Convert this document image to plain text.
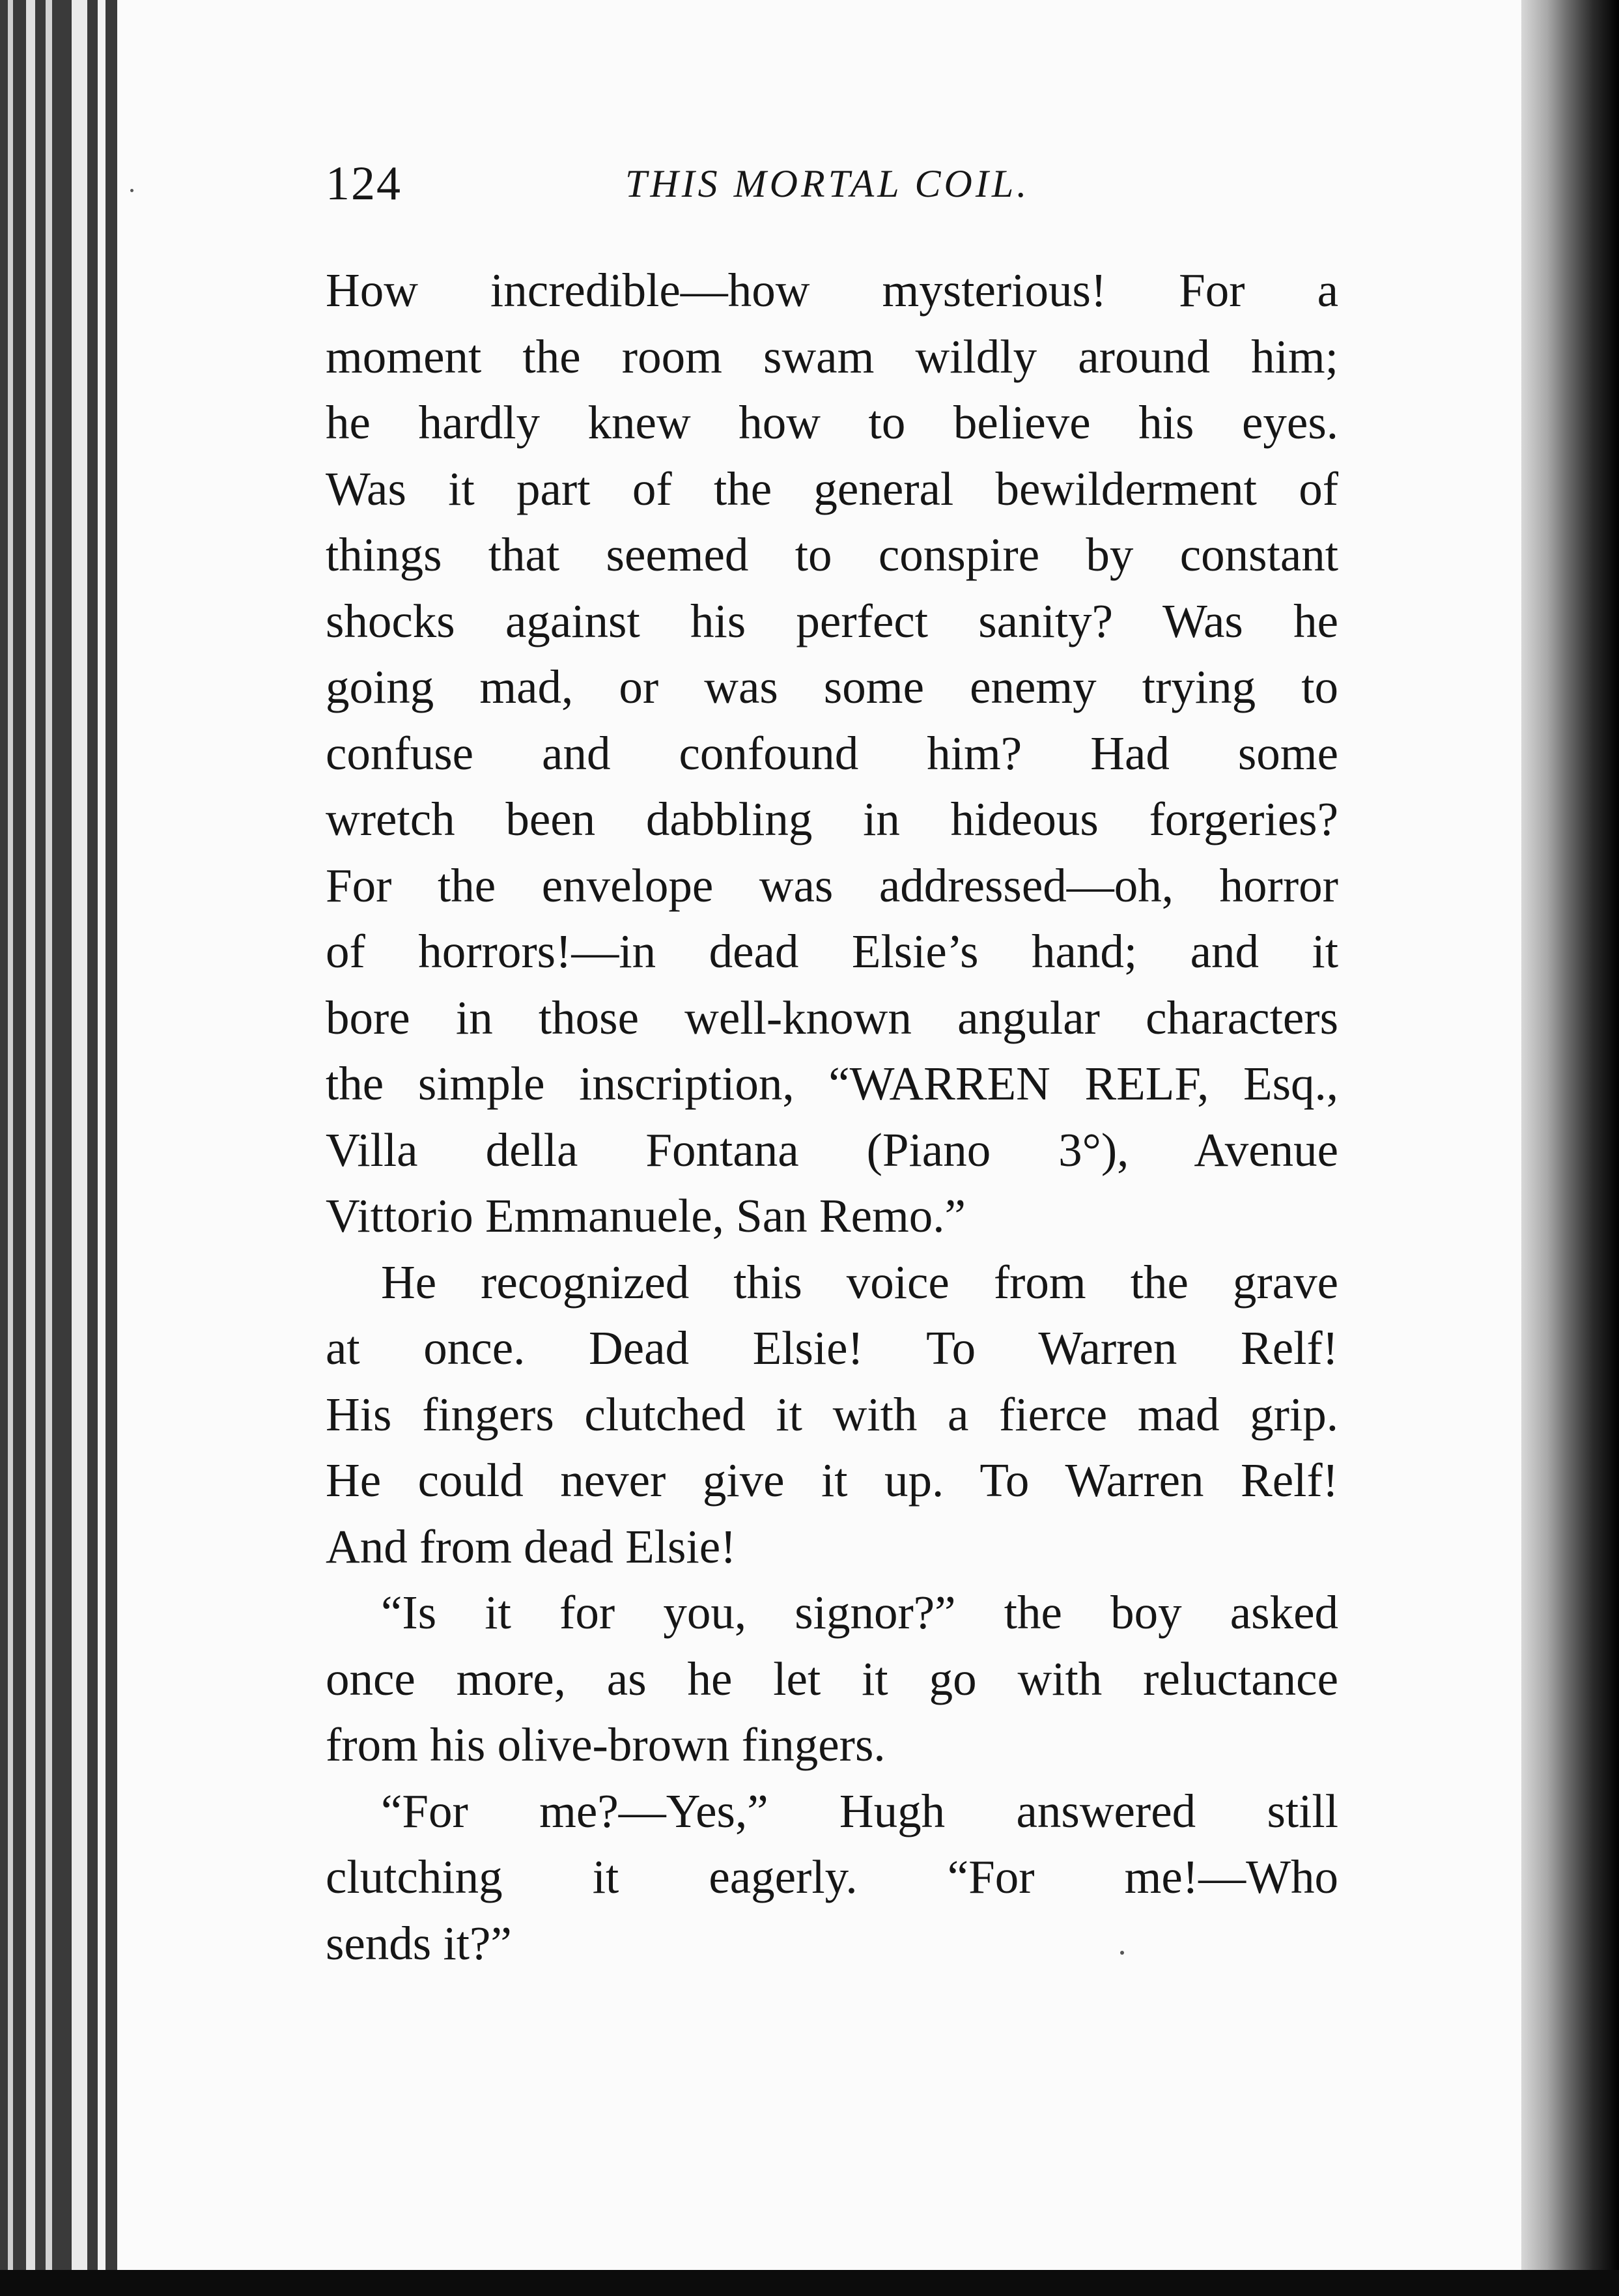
124	THIS MORTAL COIL.
How incredible—how mysterious! For a
moment the room swam wildly around him;
he hardly knew how to believe his eyes.
Was it part of the general bewilderment of
things that seemed to conspire by constant
shocks against his perfect sanity? Was he
going mad, or was some enemy trying to
confuse and confound him? Had some
wretch been dabbling in hideous forgeries?
For the envelope was addressed—oh, horror
of horrors!—in dead Elsie’s hand; and it
bore in those well-known angular characters
the simple inscription, “WARREN RELF, Esq.,
Villa della Fontana (Piano 3°), Avenue
Vittorio Emmanuele, San Remo.”
He recognized this voice from the grave
at once. Dead Elsie! To Warren Relf!
His fingers clutched it with a fierce mad grip.
He could never give it up. To Warren Relf!
And from dead Elsie!
“Is it for you, signor?” the boy asked
once more, as he let it go with reluctance
from his olive-brown fingers.
“For me?—Yes,” Hugh answered still
clutching it eagerly. “For me!—Who
sends it?”
